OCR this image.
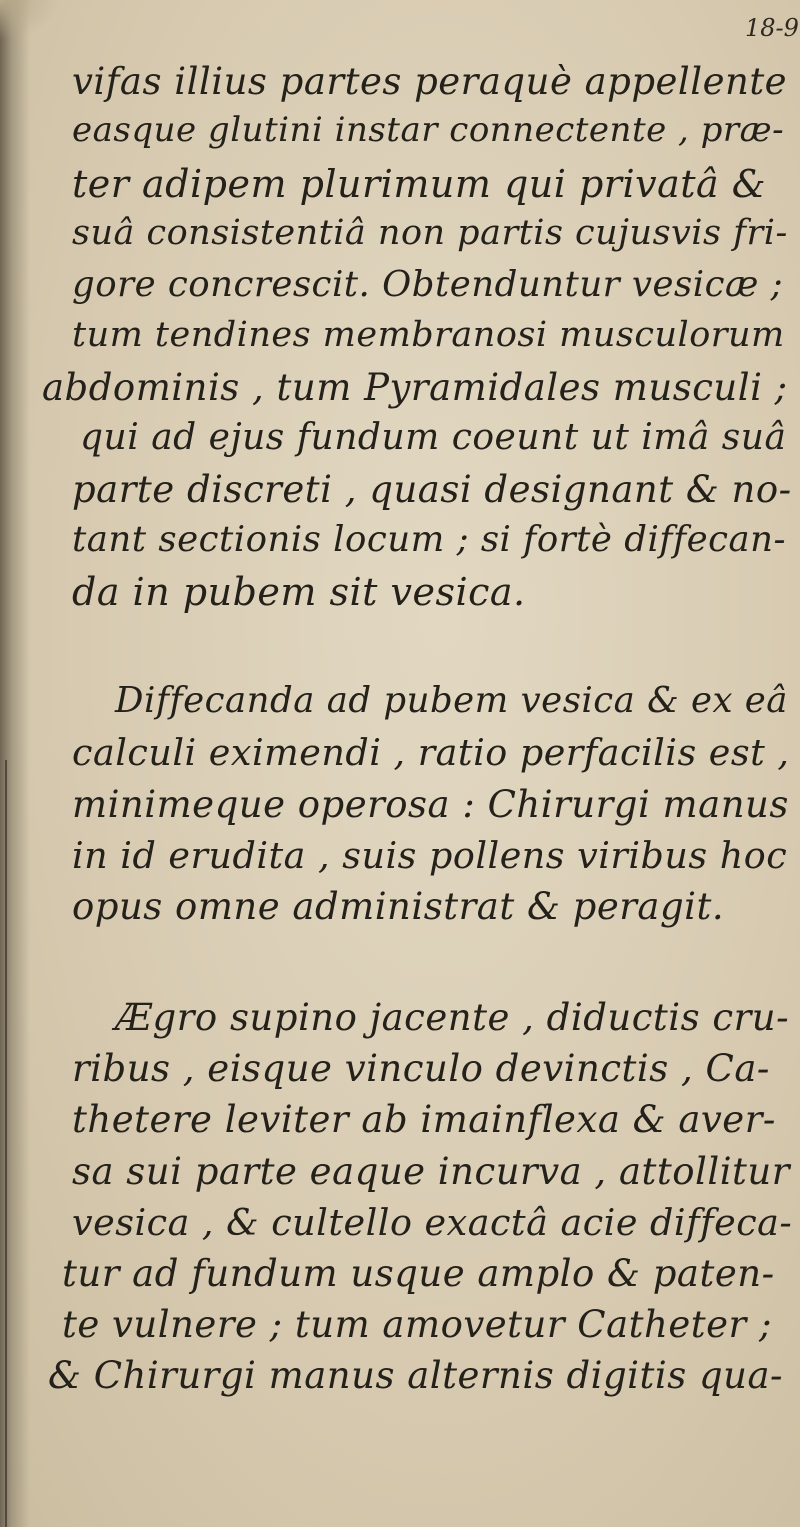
18-9
vifas illius partes peraquè appellente
easque glutini instar connectente , præ-
ter adipem plurimum qui privatâ &
suâ consistentiâ non partis cujusvis fri-
gore concrescit. Obtenduntur vesicæ ;
tum tendines membranosi musculorum
abdominis , tum Pyramidales musculi ;
qui ad ejus fundum coeunt ut imâ suâ
parte discreti , quasi designant & no-
tant sectionis locum ; si fortè diffecan-
da in pubem sit vesica.
Diffecanda ad pubem vesica & ex eâ
calculi eximendi , ratio perfacilis est ,
minimeque operosa : Chirurgi manus
in id erudita , suis pollens viribus hoc
opus omne administrat & peragit.
Ægro supino jacente , diductis cru-
ribus , eisque vinculo devinctis , Ca-
thetere leviter ab imainflexa & aver-
sa sui parte eaque incurva , attollitur
vesica , & cultello exactâ acie diffeca-
tur ad fundum usque amplo & paten-
te vulnere ; tum amovetur Catheter ;
& Chirurgi manus alternis digitis qua-
